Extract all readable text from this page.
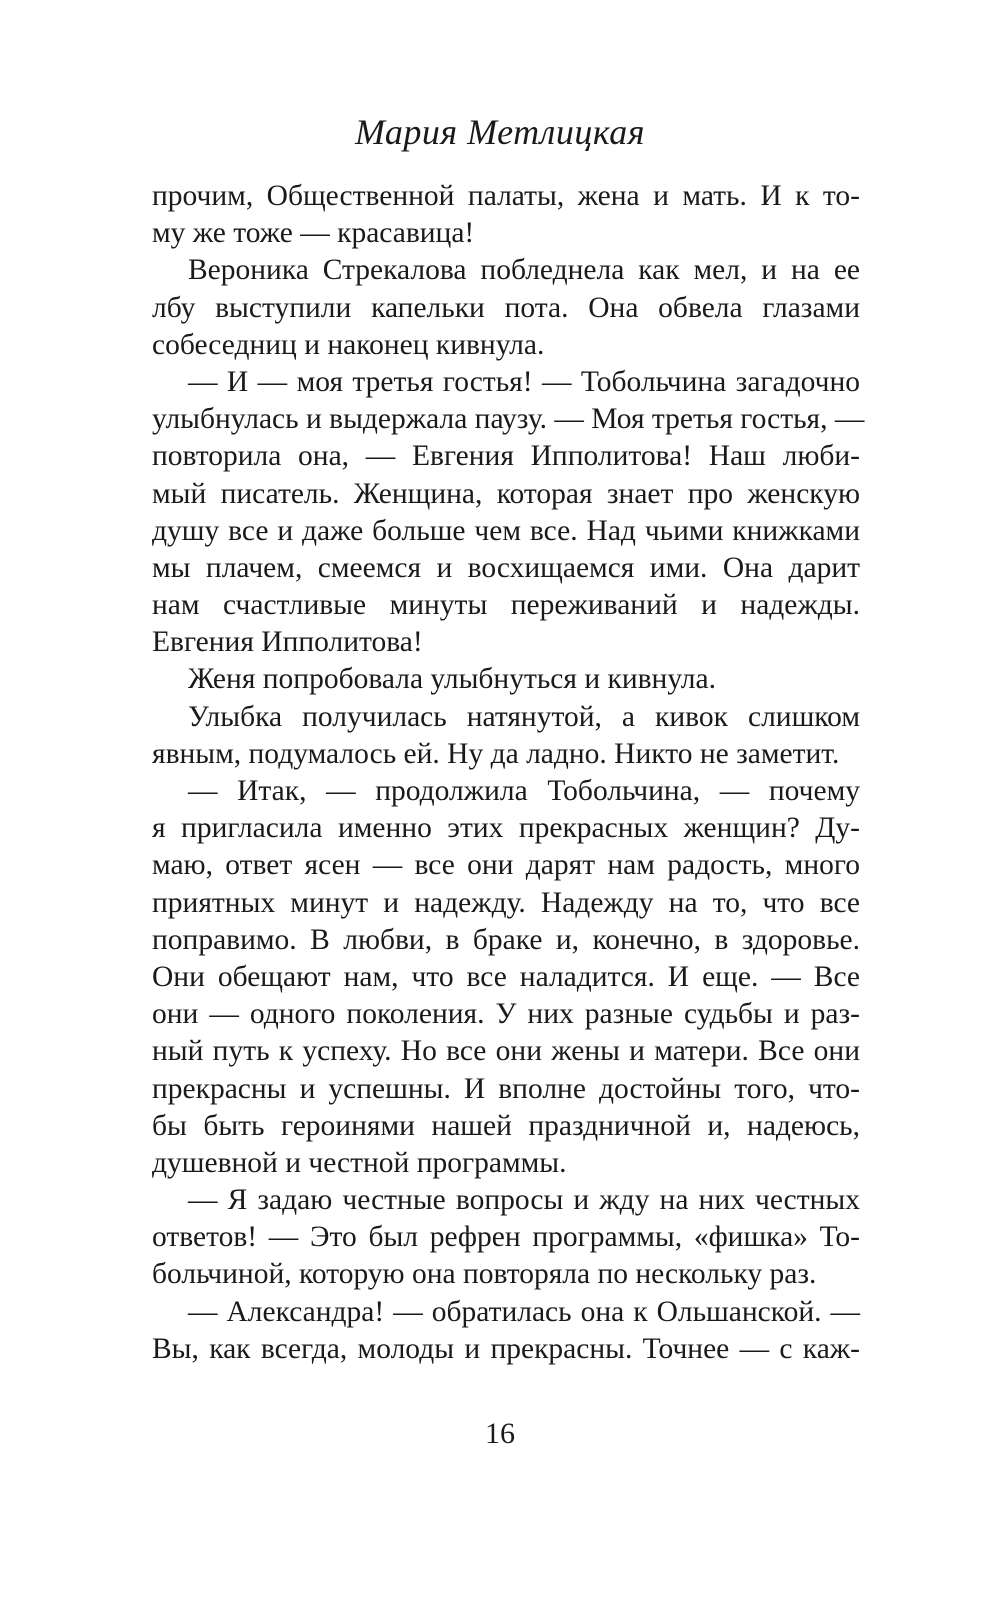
Мария Метлицкая
прочим, Общественной палаты, жена и мать. И к то-
му же тоже — красавица!
Вероника Стрекалова побледнела как мел, и на ее
лбу выступили капельки пота. Она обвела глазами
собеседниц и наконец кивнула.
— И — моя третья гостья! — Тобольчина загадочно
улыбнулась и выдержала паузу. — Моя третья гостья, —
повторила она, — Евгения Ипполитова! Наш люби-
мый писатель. Женщина, которая знает про женскую
душу все и даже больше чем все. Над чьими книжками
мы плачем, смеемся и восхищаемся ими. Она дарит
нам счастливые минуты переживаний и надежды.
Евгения Ипполитова!
Женя попробовала улыбнуться и кивнула.
Улыбка получилась натянутой, а кивок слишком
явным, подумалось ей. Ну да ладно. Никто не заметит.
— Итак, — продолжила Тобольчина, — почему
я пригласила именно этих прекрасных женщин? Ду-
маю, ответ ясен — все они дарят нам радость, много
приятных минут и надежду. Надежду на то, что все
поправимо. В любви, в браке и, конечно, в здоровье.
Они обещают нам, что все наладится. И еще. — Все
они — одного поколения. У них разные судьбы и раз-
ный путь к успеху. Но все они жены и матери. Все они
прекрасны и успешны. И вполне достойны того, что-
бы быть героинями нашей праздничной и, надеюсь,
душевной и честной программы.
— Я задаю честные вопросы и жду на них честных
ответов! — Это был рефрен программы, «фишка» То-
больчиной, которую она повторяла по нескольку раз.
— Александра! — обратилась она к Ольшанской. —
Вы, как всегда, молоды и прекрасны. Точнее — с каж-
16
